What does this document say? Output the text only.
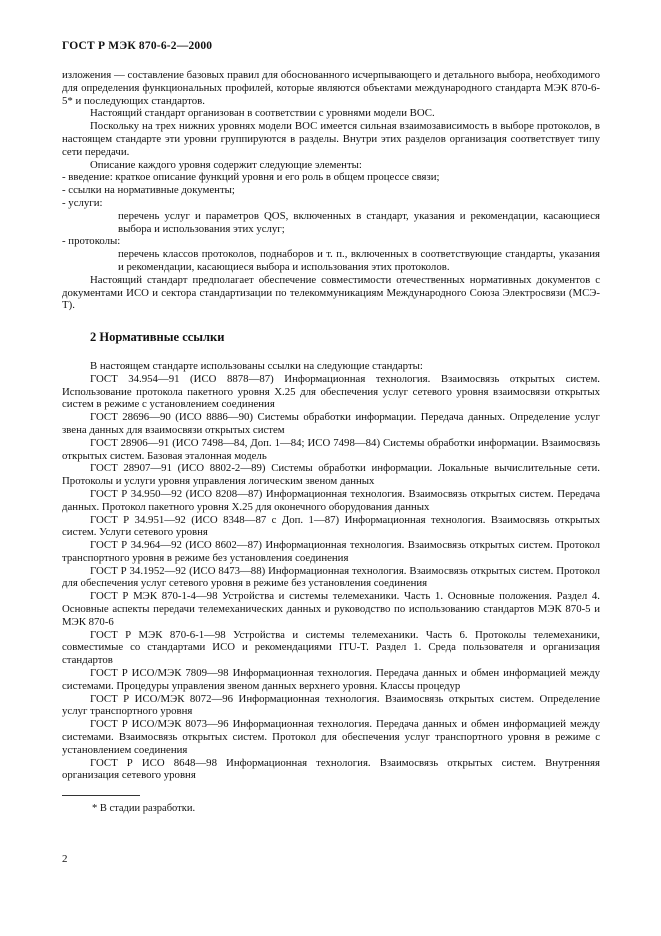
ГОСТ Р МЭК 870-6-2—2000

изложения — составление базовых правил для обоснованного исчерпывающего и детального выбора, необходимого для определения функциональных профилей, которые являются объектами международного стандарта МЭК 870-6-5* и последующих стандартов.

Настоящий стандарт организован в соответствии с уровнями модели ВОС.

Поскольку на трех нижних уровнях модели ВОС имеется сильная взаимозависимость в выборе протоколов, в настоящем стандарте эти уровни группируются в разделы. Внутри этих разделов организация соответствует типу сети передачи.

Описание каждого уровня содержит следующие элементы:

- введение: краткое описание функций уровня и его роль в общем процессе связи;

- ссылки на нормативные документы;

- услуги:

перечень услуг и параметров QOS, включенных в стандарт, указания и рекомендации, касающиеся выбора и использования этих услуг;

- протоколы:

перечень классов протоколов, поднаборов и т. п., включенных в соответствующие стандарты, указания и рекомендации, касающиеся выбора и использования этих протоколов.

Настоящий стандарт предполагает обеспечение совместимости отечественных нормативных документов с документами ИСО и сектора стандартизации по телекоммуникациям Международного Союза Электросвязи (МСЭ-Т).

2 Нормативные ссылки

В настоящем стандарте использованы ссылки на следующие стандарты:

ГОСТ 34.954—91 (ИСО 8878—87) Информационная технология. Взаимосвязь открытых систем. Использование протокола пакетного уровня X.25 для обеспечения услуг сетевого уровня взаимосвязи открытых систем в режиме с установлением соединения

ГОСТ 28696—90 (ИСО 8886—90) Системы обработки информации. Передача данных. Определение услуг звена данных для взаимосвязи открытых систем

ГОСТ 28906—91 (ИСО 7498—84, Доп. 1—84; ИСО 7498—84) Системы обработки информации. Взаимосвязь открытых систем. Базовая эталонная модель

ГОСТ 28907—91 (ИСО 8802-2—89) Системы обработки информации. Локальные вычислительные сети. Протоколы и услуги уровня управления логическим звеном данных

ГОСТ Р 34.950—92 (ИСО 8208—87) Информационная технология. Взаимосвязь открытых систем. Передача данных. Протокол пакетного уровня X.25 для оконечного оборудования данных

ГОСТ Р 34.951—92 (ИСО 8348—87 с Доп. 1—87) Информационная технология. Взаимосвязь открытых систем. Услуги сетевого уровня

ГОСТ Р 34.964—92 (ИСО 8602—87) Информационная технология. Взаимосвязь открытых систем. Протокол транспортного уровня в режиме без установления соединения

ГОСТ Р 34.1952—92 (ИСО 8473—88) Информационная технология. Взаимосвязь открытых систем. Протокол для обеспечения услуг сетевого уровня в режиме без установления соединения

ГОСТ Р МЭК 870-1-4—98 Устройства и системы телемеханики. Часть 1. Основные положения. Раздел 4. Основные аспекты передачи телемеханических данных и руководство по использованию стандартов МЭК 870-5 и МЭК 870-6

ГОСТ Р МЭК 870-6-1—98 Устройства и системы телемеханики. Часть 6. Протоколы телемеханики, совместимые со стандартами ИСО и рекомендациями ITU-T. Раздел 1. Среда пользователя и организация стандартов

ГОСТ Р ИСО/МЭК 7809—98 Информационная технология. Передача данных и обмен информацией между системами. Процедуры управления звеном данных верхнего уровня. Классы процедур

ГОСТ Р ИСО/МЭК 8072—96 Информационная технология. Взаимосвязь открытых систем. Определение услуг транспортного уровня

ГОСТ Р ИСО/МЭК 8073—96 Информационная технология. Передача данных и обмен информацией между системами. Взаимосвязь открытых систем. Протокол для обеспечения услуг транспортного уровня в режиме с установлением соединения

ГОСТ Р ИСО 8648—98 Информационная технология. Взаимосвязь открытых систем. Внутренняя организация сетевого уровня

* В стадии разработки.
2
